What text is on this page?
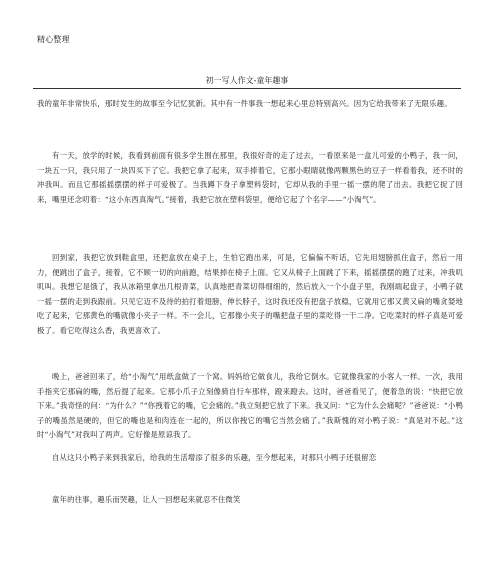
精心整理
初一写人作文-童年趣事

我的童年非常快乐，那时发生的故事至今记忆犹新。其中有一件事我一想起来心里总特别高兴。因为它给我带来了无限乐趣。

有一天，放学的时候，我看到前面有很多学生围在那里，我很好奇的走了过去，一看原来是一盒儿可爱的小鸭子，我一问，一块五一只，我只用了一块四买下了它。我把它拿了起来，双手捧着它，它那小眼睛就像两颗黑色的豆子一样看着我，还不时的冲我叫。而且它那摇摇摆摆的样子可爱极了。当我蹲下身子拿塑料袋时，它却从我的手里一摇一摆的爬了出去。我把它捉了回来，嘴里还念叨着：“这小东西真淘气。”接着，我把它放在塑料袋里，便给它起了个名字——“小淘气”。

回到家，我把它放到鞋盒里，还把盒放在桌子上，生怕它跑出来，可是，它偏偏不听话，它先用翅膀抓住盒子，然后一用力，便跳出了盒子，接着，它不顾一切的向前跑，结果掉在椅子上面。它又从椅子上面跳了下来，摇摇摆摆的跑了过来，冲我叽叽叫。我想它是饿了，我从冰箱里拿出几根青菜，认真地把青菜切得细细的，然后放入一个小盘子里，我刚端起盘子，小鸭子就一摇一摆的走到我跟前。只见它迈不及待的拍打着翅膀，伸长脖子，这时我还没有把盘子放稳，它就用它那又黄又扁的嘴贪婪地吃了起来，它那黄色的嘴就像小夹子一样。不一会儿，它那像小夹子的嘴把盘子里的菜吃得一干二净。它吃菜时的样子真是可爱极了。看它吃得这么香，我更喜欢了。

晚上，爸爸回来了，给“小淘气”用纸盒做了一个窝。妈妈给它做食儿，我给它倒水。它就像我家的小客人一样。一次，我用手指夹它那扁的嘴，然后提了起来。它那小爪子立刻像骑自行车那样，蹬来蹬去。这时，爸爸看见了，便着急的说：“快把它放下来。”我奇怪的问：“为什么？”“你拽着它的嘴，它会痛的。”我立刻把它放了下来。我又问：“它为什么会痛呢？”爸爸说：“小鸭子的嘴虽然是硬的，但它的嘴也是和肉连在一起的，所以你拽它的嘴它当然会痛了。”我斯愧的对小鸭子说：“真是对不起。”这时“小淘气”对我叫了两声。它好像是原谅我了。

自从这只小鸭子来到我家后，给我的生活增添了很多的乐趣，至今想起来，对那只小鸭子还很留恋

童年的往事，趣乐而哭趣，让人一回想起来就忍不住微笑
